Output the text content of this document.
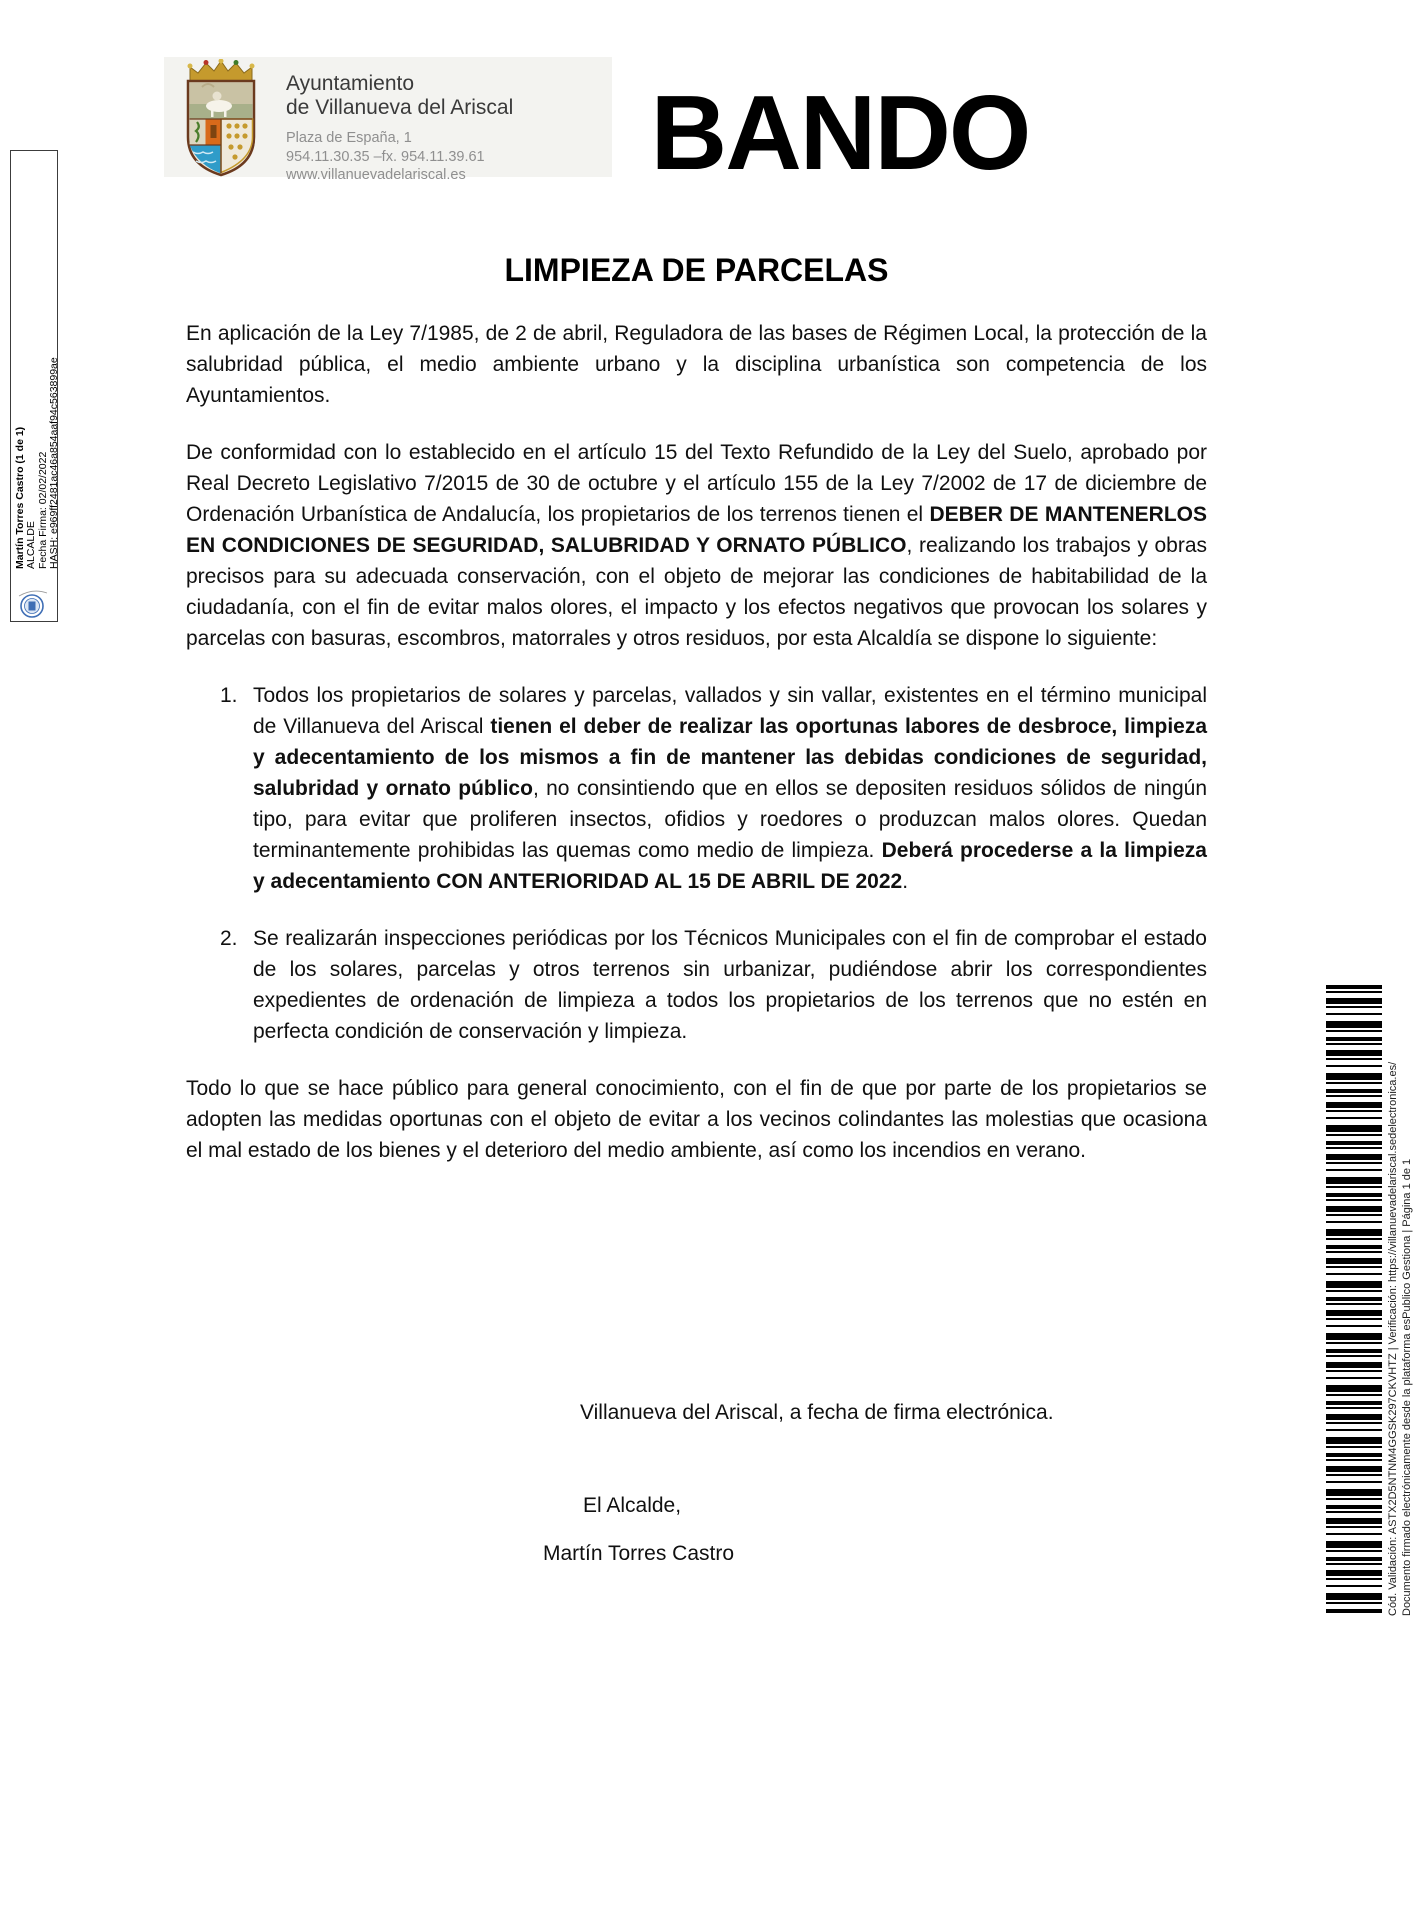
Martín Torres Castro (1 de 1) ALCALDE Fecha Firma: 02/02/2022 HASH: e969ff2481ac46a854aaf94c563899ae
Ayuntamiento
de Villanueva del Ariscal
Plaza de España, 1
954.11.30.35 –fx. 954.11.39.61
www.villanuevadelariscal.es	BANDO
LIMPIEZA DE PARCELAS

En aplicación de la Ley 7/1985, de 2 de abril, Reguladora de las bases de Régimen Local, la protección de la salubridad pública, el medio ambiente urbano y la disciplina urbanística son competencia de los Ayuntamientos.

De conformidad con lo establecido en el artículo 15 del Texto Refundido de la Ley del Suelo, aprobado por Real Decreto Legislativo 7/2015 de 30 de octubre y el artículo 155 de la Ley 7/2002 de 17 de diciembre de Ordenación Urbanística de Andalucía, los propietarios de los terrenos tienen el DEBER DE MANTENERLOS EN CONDICIONES DE SEGURIDAD, SALUBRIDAD Y ORNATO PÚBLICO, realizando los trabajos y obras precisos para su adecuada conservación, con el objeto de mejorar las condiciones de habitabilidad de la ciudadanía, con el fin de evitar malos olores, el impacto y los efectos negativos que provocan los solares y parcelas con basuras, escombros, matorrales y otros residuos, por esta Alcaldía se dispone lo siguiente:

1. Todos los propietarios de solares y parcelas, vallados y sin vallar, existentes en el término municipal de Villanueva del Ariscal tienen el deber de realizar las oportunas labores de desbroce, limpieza y adecentamiento de los mismos a fin de mantener las debidas condiciones de seguridad, salubridad y ornato público, no consintiendo que en ellos se depositen residuos sólidos de ningún tipo, para evitar que proliferen insectos, ofidios y roedores o produzcan malos olores. Quedan terminantemente prohibidas las quemas como medio de limpieza. Deberá procederse a la limpieza y adecentamiento CON ANTERIORIDAD AL 15 DE ABRIL DE 2022.
2. Se realizarán inspecciones periódicas por los Técnicos Municipales con el fin de comprobar el estado de los solares, parcelas y otros terrenos sin urbanizar, pudiéndose abrir los correspondientes expedientes de ordenación de limpieza a todos los propietarios de los terrenos que no estén en perfecta condición de conservación y limpieza.

Todo lo que se hace público para general conocimiento, con el fin de que por parte de los propietarios se adopten las medidas oportunas con el objeto de evitar a los vecinos colindantes las molestias que ocasiona el mal estado de los bienes y el deterioro del medio ambiente, así como los incendios en verano.

Villanueva del Ariscal, a fecha de firma electrónica.
El Alcalde,
Martín Torres Castro	Cód. Validación: ASTX2D5NTNM4GGSK297CKVHTZ | Verificación: https://villanuevadelariscal.sedelectronica.es/ Documento firmado electrónicamente desde la plataforma esPublico Gestiona | Página 1 de 1
